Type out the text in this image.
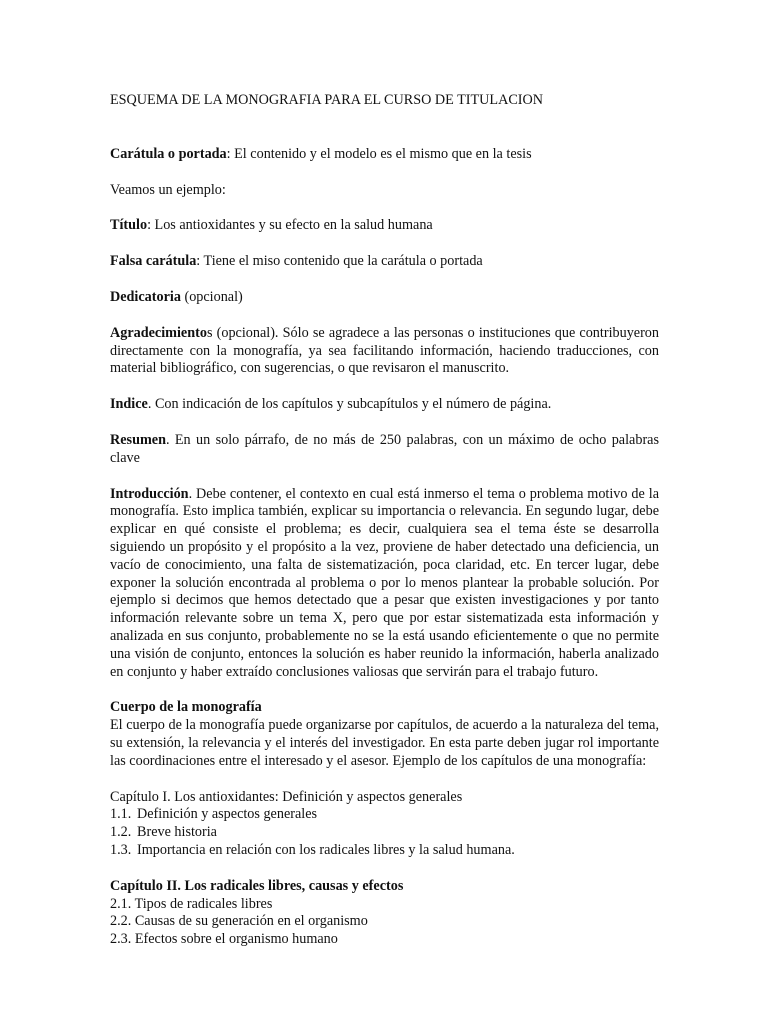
ESQUEMA DE LA MONOGRAFIA PARA EL CURSO DE TITULACION

Carátula o portada: El contenido y el modelo es el mismo que en la tesis

Veamos un ejemplo:

Título: Los antioxidantes y su efecto en la salud humana

Falsa carátula: Tiene el miso contenido que la carátula o portada

Dedicatoria (opcional)

Agradecimientos (opcional). Sólo se agradece a las personas o instituciones que contribuyeron directamente con la monografía, ya sea facilitando información, haciendo traducciones, con material bibliográfico, con sugerencias, o que revisaron el manuscrito.

Indice. Con indicación de los capítulos y subcapítulos y el número de página.

Resumen. En un solo párrafo, de no más de 250 palabras, con un máximo de ocho palabras clave

Introducción. Debe contener, el contexto en cual está inmerso el tema o problema motivo de la monografía. Esto implica también, explicar su importancia o relevancia. En segundo lugar, debe explicar en qué consiste el problema; es decir, cualquiera sea el tema éste se desarrolla siguiendo un propósito y el propósito a la vez, proviene de haber detectado una deficiencia, un vacío de conocimiento, una falta de sistematización, poca claridad, etc. En tercer lugar, debe exponer la solución encontrada al problema o por lo menos plantear la probable solución. Por ejemplo si decimos que hemos detectado que a pesar que existen investigaciones y por tanto información relevante sobre un tema X, pero que por estar sistematizada esta información y analizada en sus conjunto, probablemente no se la está usando eficientemente o que no permite una visión de conjunto, entonces la solución es haber reunido la información, haberla analizado en conjunto y haber extraído conclusiones valiosas que servirán para el trabajo futuro.

Cuerpo de la monografía

El cuerpo de la monografía puede organizarse por capítulos, de acuerdo a la naturaleza del tema, su extensión, la relevancia y el interés del investigador. En esta parte deben jugar rol importante las coordinaciones entre el interesado y el asesor. Ejemplo de los capítulos de una monografía:

Capítulo I. Los antioxidantes: Definición y aspectos generales
1.1. Definición y aspectos generales
1.2. Breve historia
1.3. Importancia en relación con los radicales libres y la salud humana.
Capítulo II. Los radicales libres, causas y efectos
2.1. Tipos de radicales libres
2.2. Causas de su generación en el organismo
2.3. Efectos sobre el organismo humano
